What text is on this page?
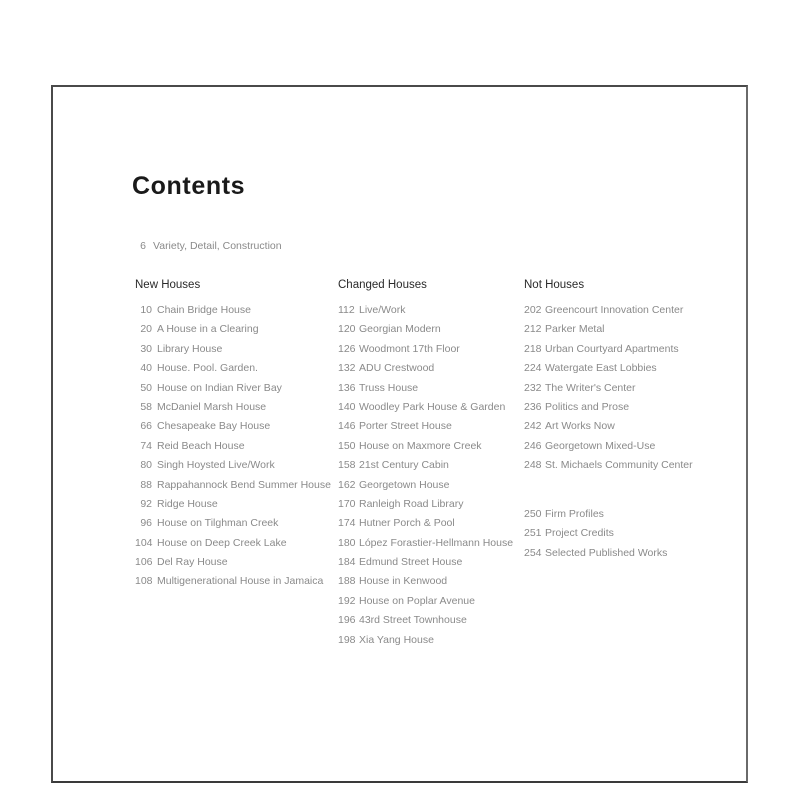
Contents
6 Variety, Detail, Construction
New Houses
10 Chain Bridge House
20 A House in a Clearing
30 Library House
40 House. Pool. Garden.
50 House on Indian River Bay
58 McDaniel Marsh House
66 Chesapeake Bay House
74 Reid Beach House
80 Singh Hoysted Live/Work
88 Rappahannock Bend Summer House
92 Ridge House
96 House on Tilghman Creek
104 House on Deep Creek Lake
106 Del Ray House
108 Multigenerational House in Jamaica
Changed Houses
112 Live/Work
120 Georgian Modern
126 Woodmont 17th Floor
132 ADU Crestwood
136 Truss House
140 Woodley Park House & Garden
146 Porter Street House
150 House on Maxmore Creek
158 21st Century Cabin
162 Georgetown House
170 Ranleigh Road Library
174 Hutner Porch & Pool
180 López Forastier-Hellmann House
184 Edmund Street House
188 House in Kenwood
192 House on Poplar Avenue
196 43rd Street Townhouse
198 Xia Yang House
Not Houses
202 Greencourt Innovation Center
212 Parker Metal
218 Urban Courtyard Apartments
224 Watergate East Lobbies
232 The Writer's Center
236 Politics and Prose
242 Art Works Now
246 Georgetown Mixed-Use
248 St. Michaels Community Center
250 Firm Profiles
251 Project Credits
254 Selected Published Works
